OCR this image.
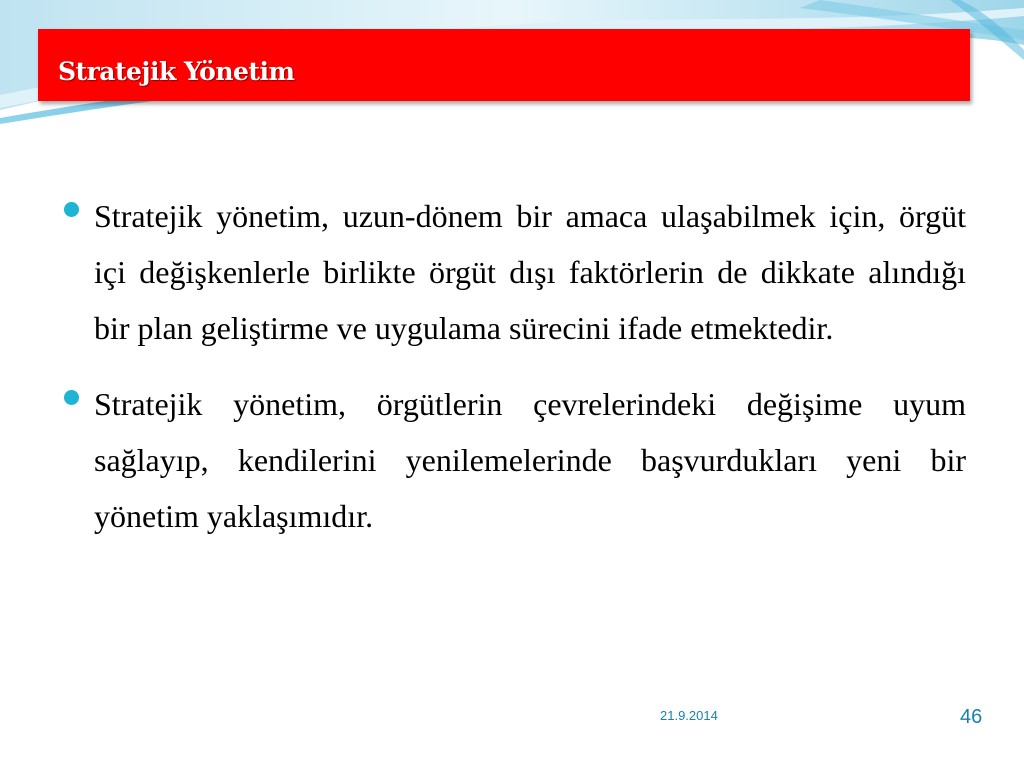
Stratejik Yönetim
Stratejik yönetim, uzun-dönem bir amaca ulaşabilmek için, örgüt içi değişkenlerle birlikte örgüt dışı faktörlerin de dikkate alındığı bir plan geliştirme ve uygulama sürecini ifade etmektedir.
Stratejik yönetim, örgütlerin çevrelerindeki değişime uyum sağlayıp, kendilerini yenilemelerinde başvurdukları yeni bir yönetim yaklaşımıdır.
21.9.2014	46
